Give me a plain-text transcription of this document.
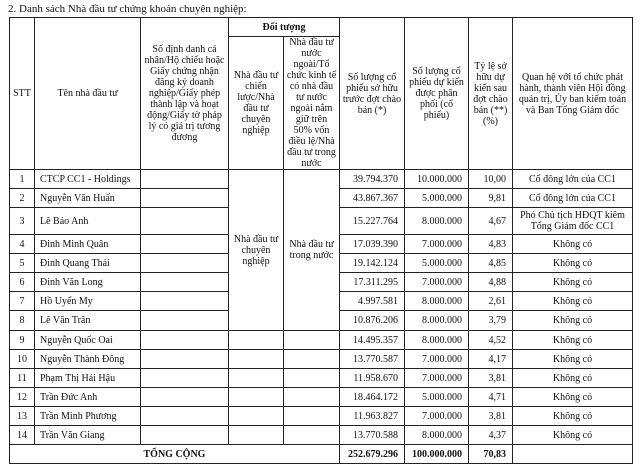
2. Danh sách Nhà đầu tư chứng khoán chuyên nghiệp:
STT	Tên nhà đầu tư	Số định danh cá nhân/Hộ chiếu hoặc Giấy chứng nhận đăng ký doanh nghiệp/Giấy phép thành lập và hoạt động/Giấy tờ pháp lý có giá trị tương đương	Đối tượng		Số lượng cổ phiếu sở hữu trước đợt chào bán (*)	Số lượng cổ phiếu dự kiến được phân phối (cổ phiếu)	Tỷ lệ sở hữu dự kiến sau đợt chào bán (**) (%)	Quan hệ với tổ chức phát hành, thành viên Hội đồng quản trị, Ủy ban kiểm toán và Ban Tổng Giám đốc
			Nhà đầu tư chiến lược/Nhà đầu tư chuyên nghiệp	Nhà đầu tư nước ngoài/Tổ chức kinh tế có nhà đầu tư nước ngoài nắm giữ trên 50% vốn điều lệ/Nhà đầu tư trong nước				
1	CTCP CC1 - Holdings		Nhà đầu tư chuyên nghiệp	Nhà đầu tư trong nước	39.794.370	10.000.000	10,00	Cổ đông lớn của CC1
2	Nguyễn Văn Huấn				43.867.367	5.000.000	9,81	Cổ đông lớn của CC1
3	Lê Bảo Anh				15.227.764	8.000.000	4,67	Phó Chủ tịch HĐQT kiêm Tổng Giám đốc CC1
4	Đinh Minh Quân				17.039.390	7.000.000	4,83	Không có
5	Đinh Quang Thái				19.142.124	5.000.000	4,85	Không có
6	Đinh Văn Long				17.311.295	7.000.000	4,88	Không có
7	Hồ Uyển My				4.997.581	8.000.000	2,61	Không có
8	Lê Văn Trân				10.876.206	8.000.000	3,79	Không có
9	Nguyễn Quốc Oai				14.495.357	8.000.000	4,52	Không có
10	Nguyễn Thành Đông				13.770.587	7.000.000	4,17	Không có
11	Phạm Thị Hải Hậu				11.958.670	7.000.000	3,81	Không có
12	Trần Đức Anh				18.464.172	5.000.000	4,71	Không có
13	Trần Minh Phương				11.963.827	7.000.000	3,81	Không có
14	Trần Văn Giang				13.770.588	8.000.000	4,37	Không có
TỔNG CỘNG					252.679.296	100.000.000	70,83	
